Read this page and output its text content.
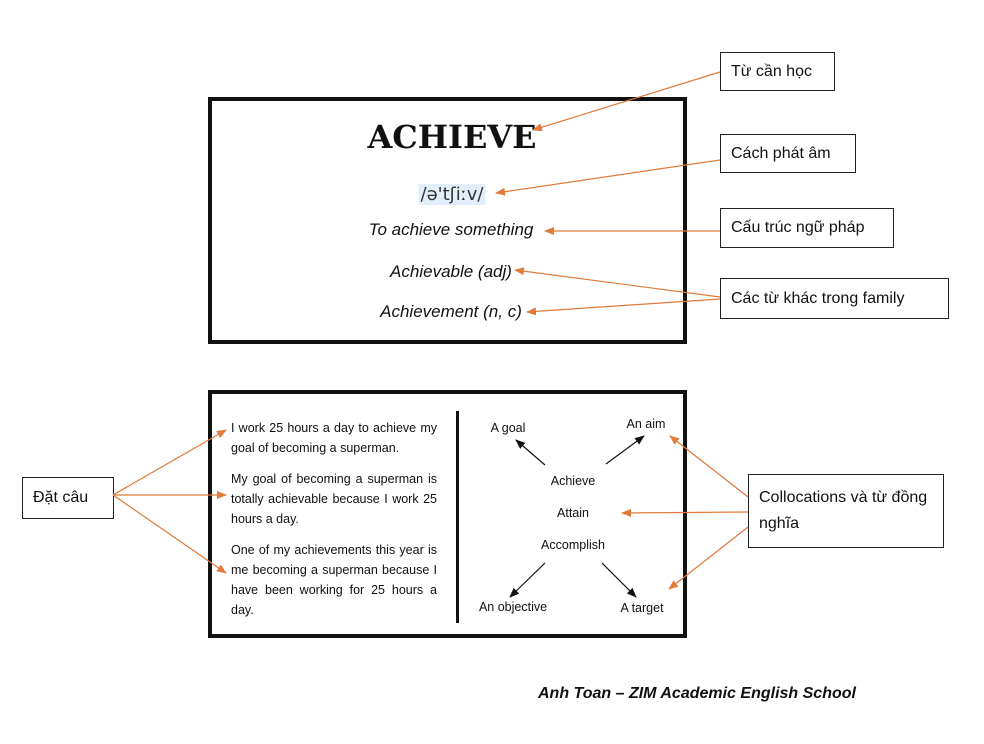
ACHIEVE
/ə'tʃiːv/
To achieve something
Achievable (adj)
Achievement (n, c)
Từ cần học
Cách phát âm
Cấu trúc ngữ pháp
Các từ khác trong family
I work 25 hours a day to achieve my goal of becoming a superman.
My goal of becoming a superman is totally achievable because I work 25 hours a day.
One of my achievements this year is me becoming a superman because I have been working for 25 hours a day.
Achieve
Attain
Accomplish
A goal	An aim
An objective	A target
Đặt câu	Collocations và từ đồng nghĩa
Anh Toan – ZIM Academic English School
